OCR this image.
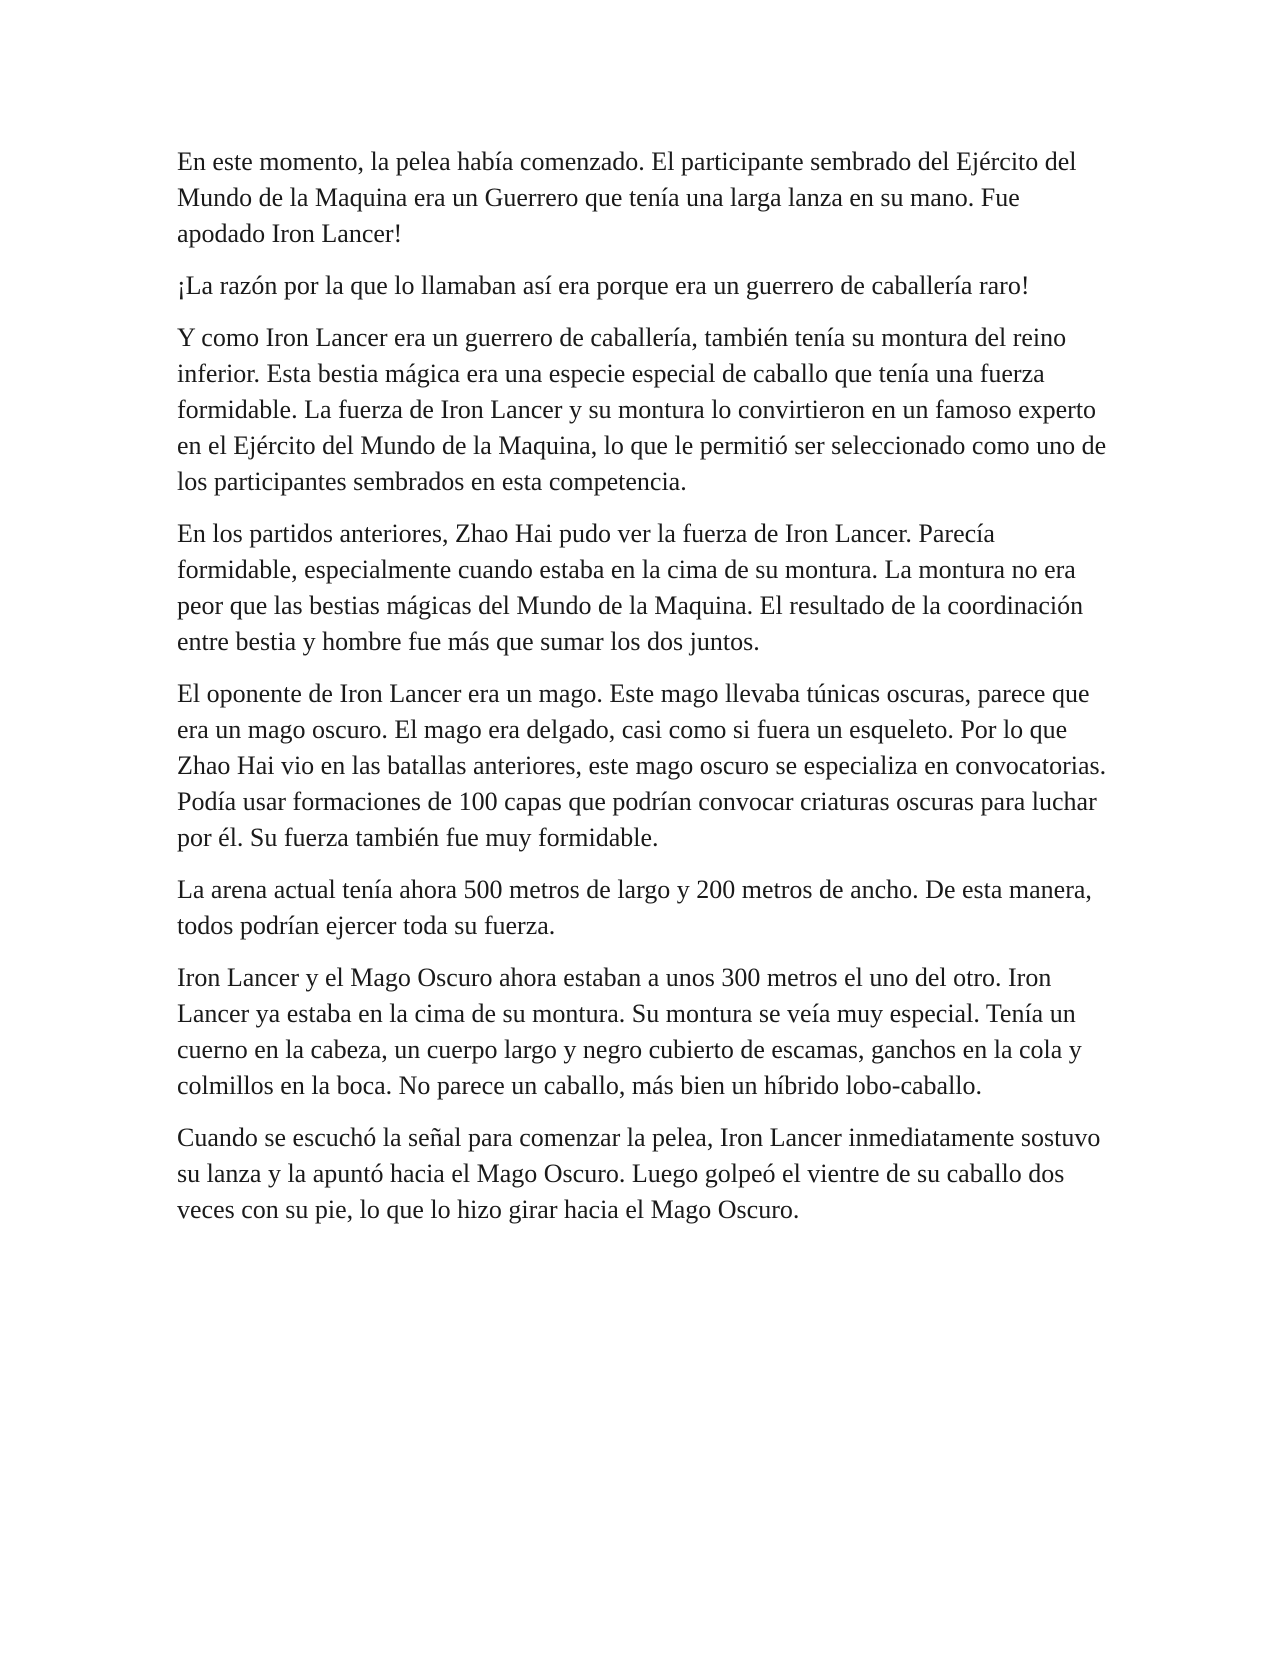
En este momento, la pelea había comenzado. El participante sembrado del Ejército del Mundo de la Maquina era un Guerrero que tenía una larga lanza en su mano. Fue apodado Iron Lancer!

¡La razón por la que lo llamaban así era porque era un guerrero de caballería raro!

Y como Iron Lancer era un guerrero de caballería, también tenía su montura del reino inferior. Esta bestia mágica era una especie especial de caballo que tenía una fuerza formidable. La fuerza de Iron Lancer y su montura lo convirtieron en un famoso experto en el Ejército del Mundo de la Maquina, lo que le permitió ser seleccionado como uno de los participantes sembrados en esta competencia.

En los partidos anteriores, Zhao Hai pudo ver la fuerza de Iron Lancer. Parecía formidable, especialmente cuando estaba en la cima de su montura. La montura no era peor que las bestias mágicas del Mundo de la Maquina. El resultado de la coordinación entre bestia y hombre fue más que sumar los dos juntos.

El oponente de Iron Lancer era un mago. Este mago llevaba túnicas oscuras, parece que era un mago oscuro. El mago era delgado, casi como si fuera un esqueleto. Por lo que Zhao Hai vio en las batallas anteriores, este mago oscuro se especializa en convocatorias. Podía usar formaciones de 100 capas que podrían convocar criaturas oscuras para luchar por él. Su fuerza también fue muy formidable.

La arena actual tenía ahora 500 metros de largo y 200 metros de ancho. De esta manera, todos podrían ejercer toda su fuerza.

Iron Lancer y el Mago Oscuro ahora estaban a unos 300 metros el uno del otro. Iron Lancer ya estaba en la cima de su montura. Su montura se veía muy especial. Tenía un cuerno en la cabeza, un cuerpo largo y negro cubierto de escamas, ganchos en la cola y colmillos en la boca. No parece un caballo, más bien un híbrido lobo-caballo.

Cuando se escuchó la señal para comenzar la pelea, Iron Lancer inmediatamente sostuvo su lanza y la apuntó hacia el Mago Oscuro. Luego golpeó el vientre de su caballo dos veces con su pie, lo que lo hizo girar hacia el Mago Oscuro.
